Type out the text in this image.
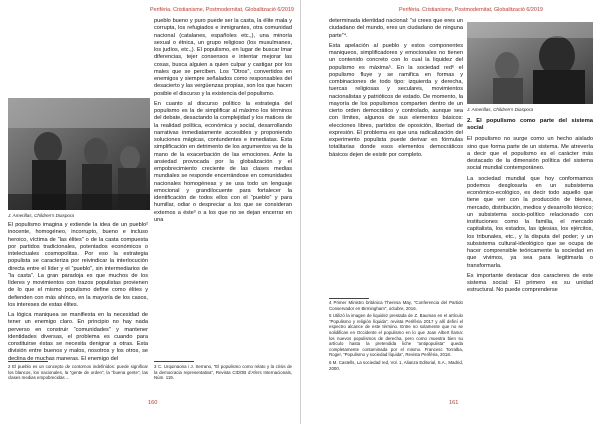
Perifèria. Cristianisme, Postmodernitat, Globalització 6/2019
J. Amerillas, Children's Diaspora

El populismo imagina y extiende la idea de un pueblo² inocente, homogéneo, incorrupto, bueno e incluso heroico, víctima de “las élites” o de la casta compuesta por partidos tradicionales, potentados económicos o intelectuales cosmopolitas. Por eso la estrategia populista se caracteriza por reivindicar la interlocución directa entre el líder y el “pueblo”, sin intermediarios de “la casta”. La gran paradoja es que muchos de los líderes y movimientos con trazos populistas provienen de lo que el mismo populismo define como élites y defienden con más ahínco, en la mayoría de los casos, los intereses de estas élites.

La lógica maniquea se manifiesta en la necesidad de tener un enemigo claro. En principio no hay nada perverso en construir “comunidades” y mantener identidades diversas, el problema es cuando para constituirse éstas se necesita denigrar a otras. Esta división entre buenos y malos, nosotros y los otros, se declina de muchas maneras. El enemigo del

2 El pueblo es un concepto de contornos indefinidos: puede significar los blancos, los nacionales, la “gente de orden”, la “buena gente”, las clases medias empobrecidas ...

pueblo bueno y puro puede ser la casta, la élite mala y corrupta, los refugiados e inmigrantes, otra comunidad nacional (catalanes, españoles etc.,), una minoría sexual o étnica, un grupo religioso (los musulmanes, los judíos, etc.,). El populismo, en lugar de buscar lmar diferencias, tejer consensos e intentar mejorar las cosas, busca alguien a quien culpar y castigar por los males que se perciben. Los “Otros”, convertidos en enemigos y siempre señalados como responsables del desacierto y las vergüenzas propias, son los que hacen posible el discurso y la existencia del populismo.

En cuanto al discurso político la estrategia del populismo es la de simplificar al máximo los términos del debate, desactando la complejidad y los matices de la realidad política, económica y social, desarrollando narrativas inmediatamente accesibles y proponiendo soluciones mágicas, contundentes e inmediatas. Esta simplificación en detrimento de los argumentos va de la mano de la exacerbación de las emociones. Ante la ansiedad provocada por la globalización y el empobrecimiento creciente de las clases medias mundiales se responde encerrándose en comunidades nacionales homogéneas y se usa todo un lenguaje emocional y grandilocuente para fortalecer la identificación de todos ellos con el “pueblo” y para humillar, odiar o despreciar a los que se consideran externos a éste³ o a los que no se dejan encerrar en una

3 C. Urquinaona i J. Serrano, “El populismo como relato y la crisis de la democracia representativa”, Revista CIDOB d’Afers Internacionals, Núm. 119.

160
Perifèria. Cristianisme, Postmodernitat, Globalització 6/2019

determinada identidad nacional: “si crees que eres un ciudadano del mundo, eres un ciudadano de ninguna parte”⁴.

Esta apelación al pueblo y estos componentes maniqueos, simplificadores y emocionales no tienen un contenido concreto con lo cual la liquidez del populismo es máxima⁵. En la sociedad red⁶ el populismo fluye y se ramifica en formas y combinaciones de todo tipo: izquierda y derecha, tuercas religiosas y seculares, movimientos nacionalistas y patrióticos de estado. De momento, la mayoría de los populismos comparten dentro de un cierto orden democrático y controlado, aunque sea con límites, algunos de sus elementos básicos: elecciones libres, partidos de oposición, libertad de expresión. El problema es que una radicalización del experimento populista puede derivar en fórmulas totalitarias donde esos elementos democráticos básicos dejen de existir por completo.

4 Primer Ministro británica Theresa May, “Conferencia del Partido Conservador en Birmingham”, octubre, 2016.

5 Utilizó la imagen de liquidez prestada de Z. Bauman en el artículo “Populismo y religión líquida”, revista Perifèria 2017 y allí definí el espectro alcance de este término. Entre no solamente que no se solidifican en Occidente el populismo en lo que Joan Albert llama: los nuevos populismos de derecha, pero como muestra bien su artículo hasta la pretendida liche “antipopulista” queda completamente contaminada por el mismo. Francesc Torralba, Roger, “Populismo y sociedad líquida”, Revista Perifèria, 2018.

6 M. Castells, La sociedad red, Vol. 1, Alianza Editorial, S.A., Madrid, 2000.

J. Amerillas, Children's Diaspora
2. El populismo como parte del sistema social

El populismo no surge como un hecho aislado sino que forma parte de un sistema. Me atrevería a decir que el populismo es el carácter más destacado de la dimensión política del sistema social mundial contemporáneo.

La sociedad mundial que hoy conformamos podemos desglosarla en un subsistema económico-ecológico, es decir todo aquello que tiene que ver con la producción de bienes, mercado, distribución, medios y desarrollo técnico; un subsistema socio-político relacionado con instituciones como la familia, el mercado capitalista, los estados, las iglesias, los ejércitos, los tribunales, etc., y la disputa del poder; y un subsistema cultural-ideológico que se ocupa de hacer comprensible teóricamente la sociedad en que vivimos, ya sea para legitimarla o transformarla.

Es importante destacar dos caracteres de este sistema social: El primero es su unidad estructural. No puede comprenderse

161
